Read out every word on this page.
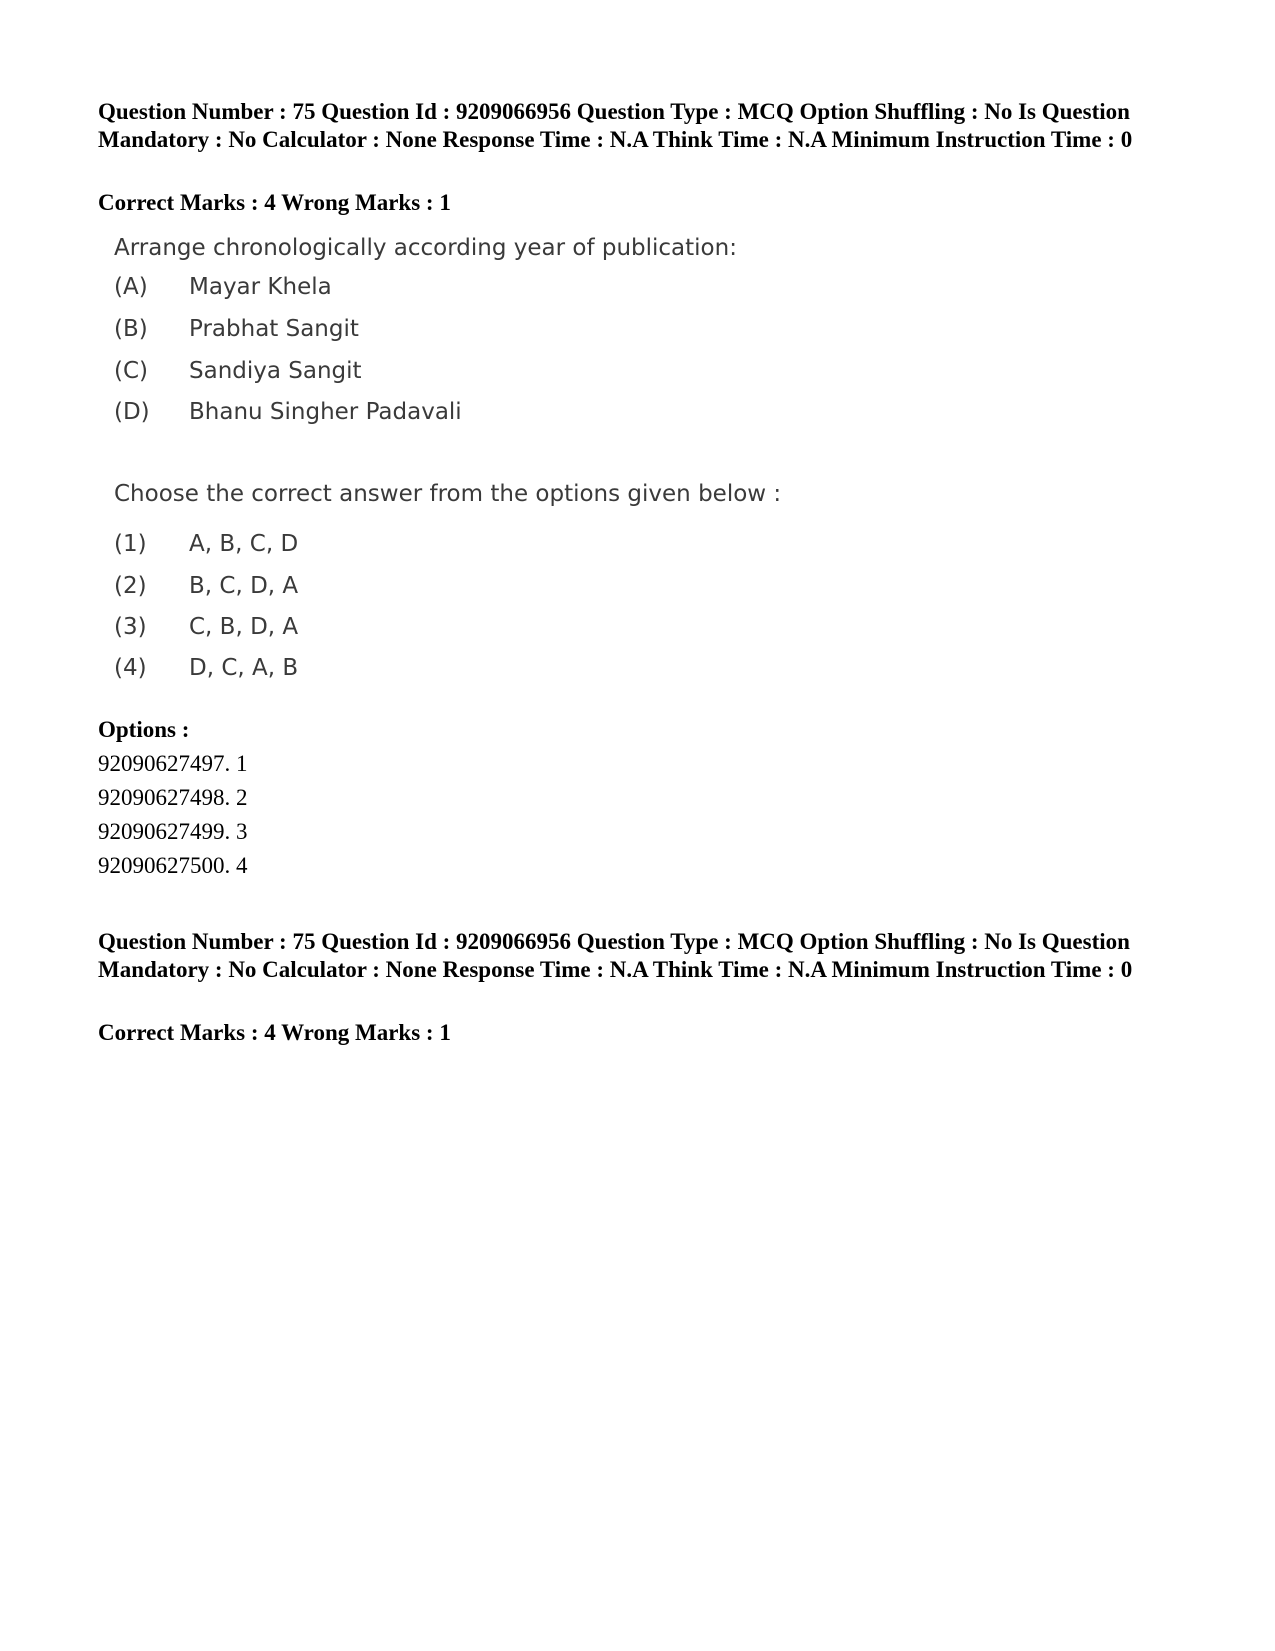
Question Number : 75 Question Id : 9209066956 Question Type : MCQ Option Shuffling : No Is Question Mandatory : No Calculator : None Response Time : N.A Think Time : N.A Minimum Instruction Time : 0

Correct Marks : 4 Wrong Marks : 1

Arrange chronologically according year of publication:
(A) Mayar Khela
(B) Prabhat Sangit
(C) Sandiya Sangit
(D) Bhanu Singher Padavali
Choose the correct answer from the options given below :
(1) A, B, C, D
(2) B, C, D, A
(3) C, B, D, A
(4) D, C, A, B

Options :

92090627497. 1

92090627498. 2

92090627499. 3

92090627500. 4

Question Number : 75 Question Id : 9209066956 Question Type : MCQ Option Shuffling : No Is Question Mandatory : No Calculator : None Response Time : N.A Think Time : N.A Minimum Instruction Time : 0

Correct Marks : 4 Wrong Marks : 1
